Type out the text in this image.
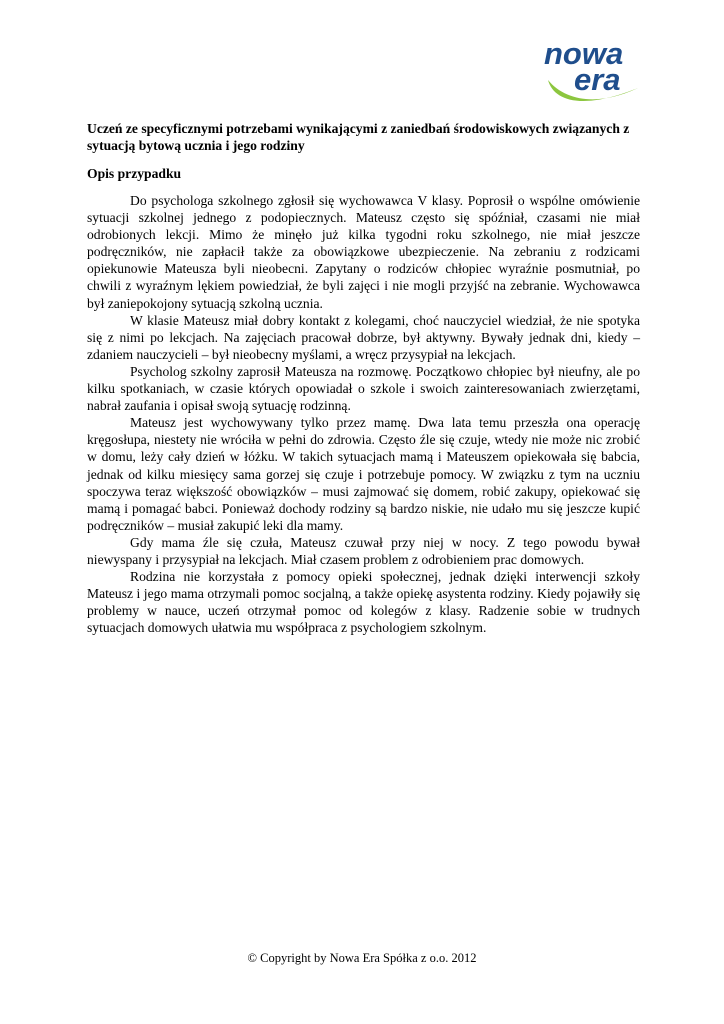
nowa
era
Uczeń ze specyficznymi potrzebami wynikającymi z zaniedbań środowiskowych związanych z sytuacją bytową ucznia i jego rodziny
Opis przypadku

Do psychologa szkolnego zgłosił się wychowawca V klasy. Poprosił o wspólne omówienie sytuacji szkolnej jednego z podopiecznych. Mateusz często się spóźniał, czasami nie miał odrobionych lekcji. Mimo że minęło już kilka tygodni roku szkolnego, nie miał jeszcze podręczników, nie zapłacił także za obowiązkowe ubezpieczenie. Na zebraniu z rodzicami opiekunowie Mateusza byli nieobecni. Zapytany o rodziców chłopiec wyraźnie posmutniał, po chwili z wyraźnym lękiem powiedział, że byli zajęci i nie mogli przyjść na zebranie. Wychowawca był zaniepokojony sytuacją szkolną ucznia.

W klasie Mateusz miał dobry kontakt z kolegami, choć nauczyciel wiedział, że nie spotyka się z nimi po lekcjach. Na zajęciach pracował dobrze, był aktywny. Bywały jednak dni, kiedy – zdaniem nauczycieli – był nieobecny myślami, a wręcz przysypiał na lekcjach.

Psycholog szkolny zaprosił Mateusza na rozmowę. Początkowo chłopiec był nieufny, ale po kilku spotkaniach, w czasie których opowiadał o szkole i swoich zainteresowaniach zwierzętami, nabrał zaufania i opisał swoją sytuację rodzinną.

Mateusz jest wychowywany tylko przez mamę. Dwa lata temu przeszła ona operację kręgosłupa, niestety nie wróciła w pełni do zdrowia. Często źle się czuje, wtedy nie może nic zrobić w domu, leży cały dzień w łóżku. W takich sytuacjach mamą i Mateuszem opiekowała się babcia, jednak od kilku miesięcy sama gorzej się czuje i potrzebuje pomocy. W związku z tym na uczniu spoczywa teraz większość obowiązków – musi zajmować się domem, robić zakupy, opiekować się mamą i pomagać babci. Ponieważ dochody rodziny są bardzo niskie, nie udało mu się jeszcze kupić podręczników – musiał zakupić leki dla mamy.

Gdy mama źle się czuła, Mateusz czuwał przy niej w nocy. Z tego powodu bywał niewyspany i przysypiał na lekcjach. Miał czasem problem z odrobieniem prac domowych.

Rodzina nie korzystała z pomocy opieki społecznej, jednak dzięki interwencji szkoły Mateusz i jego mama otrzymali pomoc socjalną, a także opiekę asystenta rodziny. Kiedy pojawiły się problemy w nauce, uczeń otrzymał pomoc od kolegów z klasy. Radzenie sobie w trudnych sytuacjach domowych ułatwia mu współpraca z psychologiem szkolnym.

© Copyright by Nowa Era Spółka z o.o. 2012
